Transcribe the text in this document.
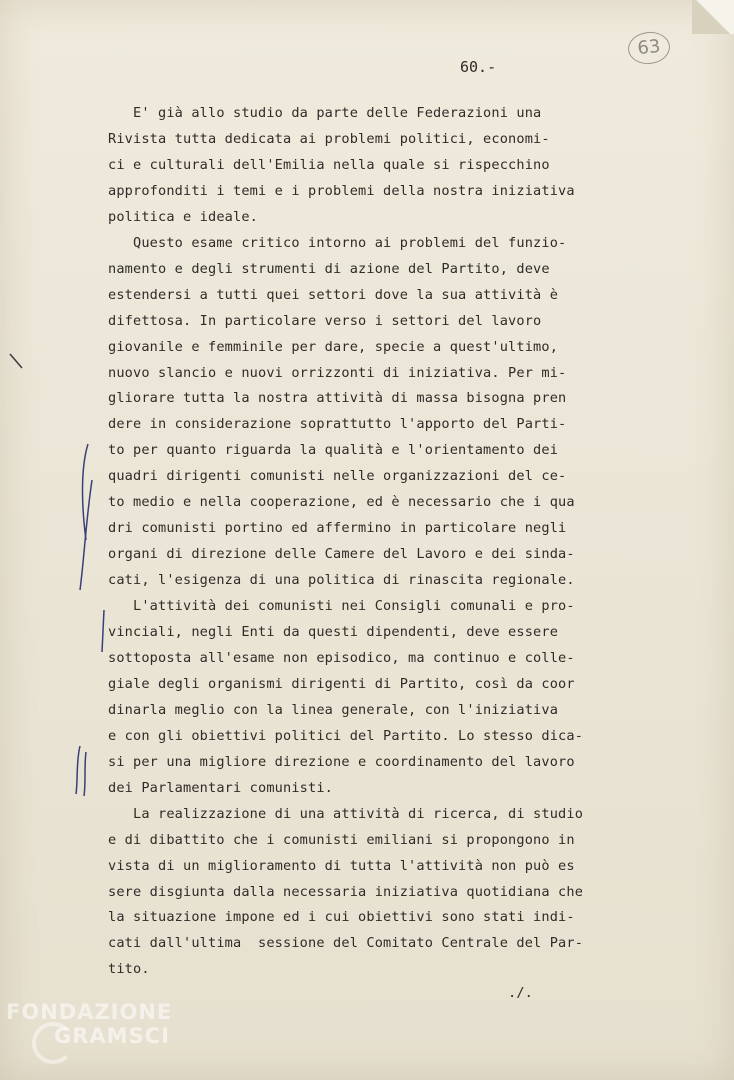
60.-
63
E' già allo studio da parte delle Federazioni una
Rivista tutta dedicata ai problemi politici, economi-
ci e culturali dell'Emilia nella quale si rispecchino
approfonditi i temi e i problemi della nostra iniziativa
politica e ideale.
Questo esame critico intorno ai problemi del funzio-
namento e degli strumenti di azione del Partito, deve
estendersi a tutti quei settori dove la sua attività è
difettosa. In particolare verso i settori del lavoro
giovanile e femminile per dare, specie a quest'ultimo,
nuovo slancio e nuovi orrizzonti di iniziativa. Per mi-
gliorare tutta la nostra attività di massa bisogna pren
dere in considerazione soprattutto l'apporto del Parti-
to per quanto riguarda la qualità e l'orientamento dei
quadri dirigenti comunisti nelle organizzazioni del ce-
to medio e nella cooperazione, ed è necessario che i qua
dri comunisti portino ed affermino in particolare negli
organi di direzione delle Camere del Lavoro e dei sinda-
cati, l'esigenza di una politica di rinascita regionale.
L'attività dei comunisti nei Consigli comunali e pro-
vinciali, negli Enti da questi dipendenti, deve essere
sottoposta all'esame non episodico, ma continuo e colle-
giale degli organismi dirigenti di Partito, così da coor
dinarla meglio con la linea generale, con l'iniziativa
e con gli obiettivi politici del Partito. Lo stesso dica-
si per una migliore direzione e coordinamento del lavoro
dei Parlamentari comunisti.
La realizzazione di una attività di ricerca, di studio
e di dibattito che i comunisti emiliani si propongono in
vista di un miglioramento di tutta l'attività non può es
sere disgiunta dalla necessaria iniziativa quotidiana che
la situazione impone ed i cui obiettivi sono stati indi-
cati dall'ultima  sessione del Comitato Centrale del Par-
tito.
./.
FONDAZIONE
GRAMSCI
